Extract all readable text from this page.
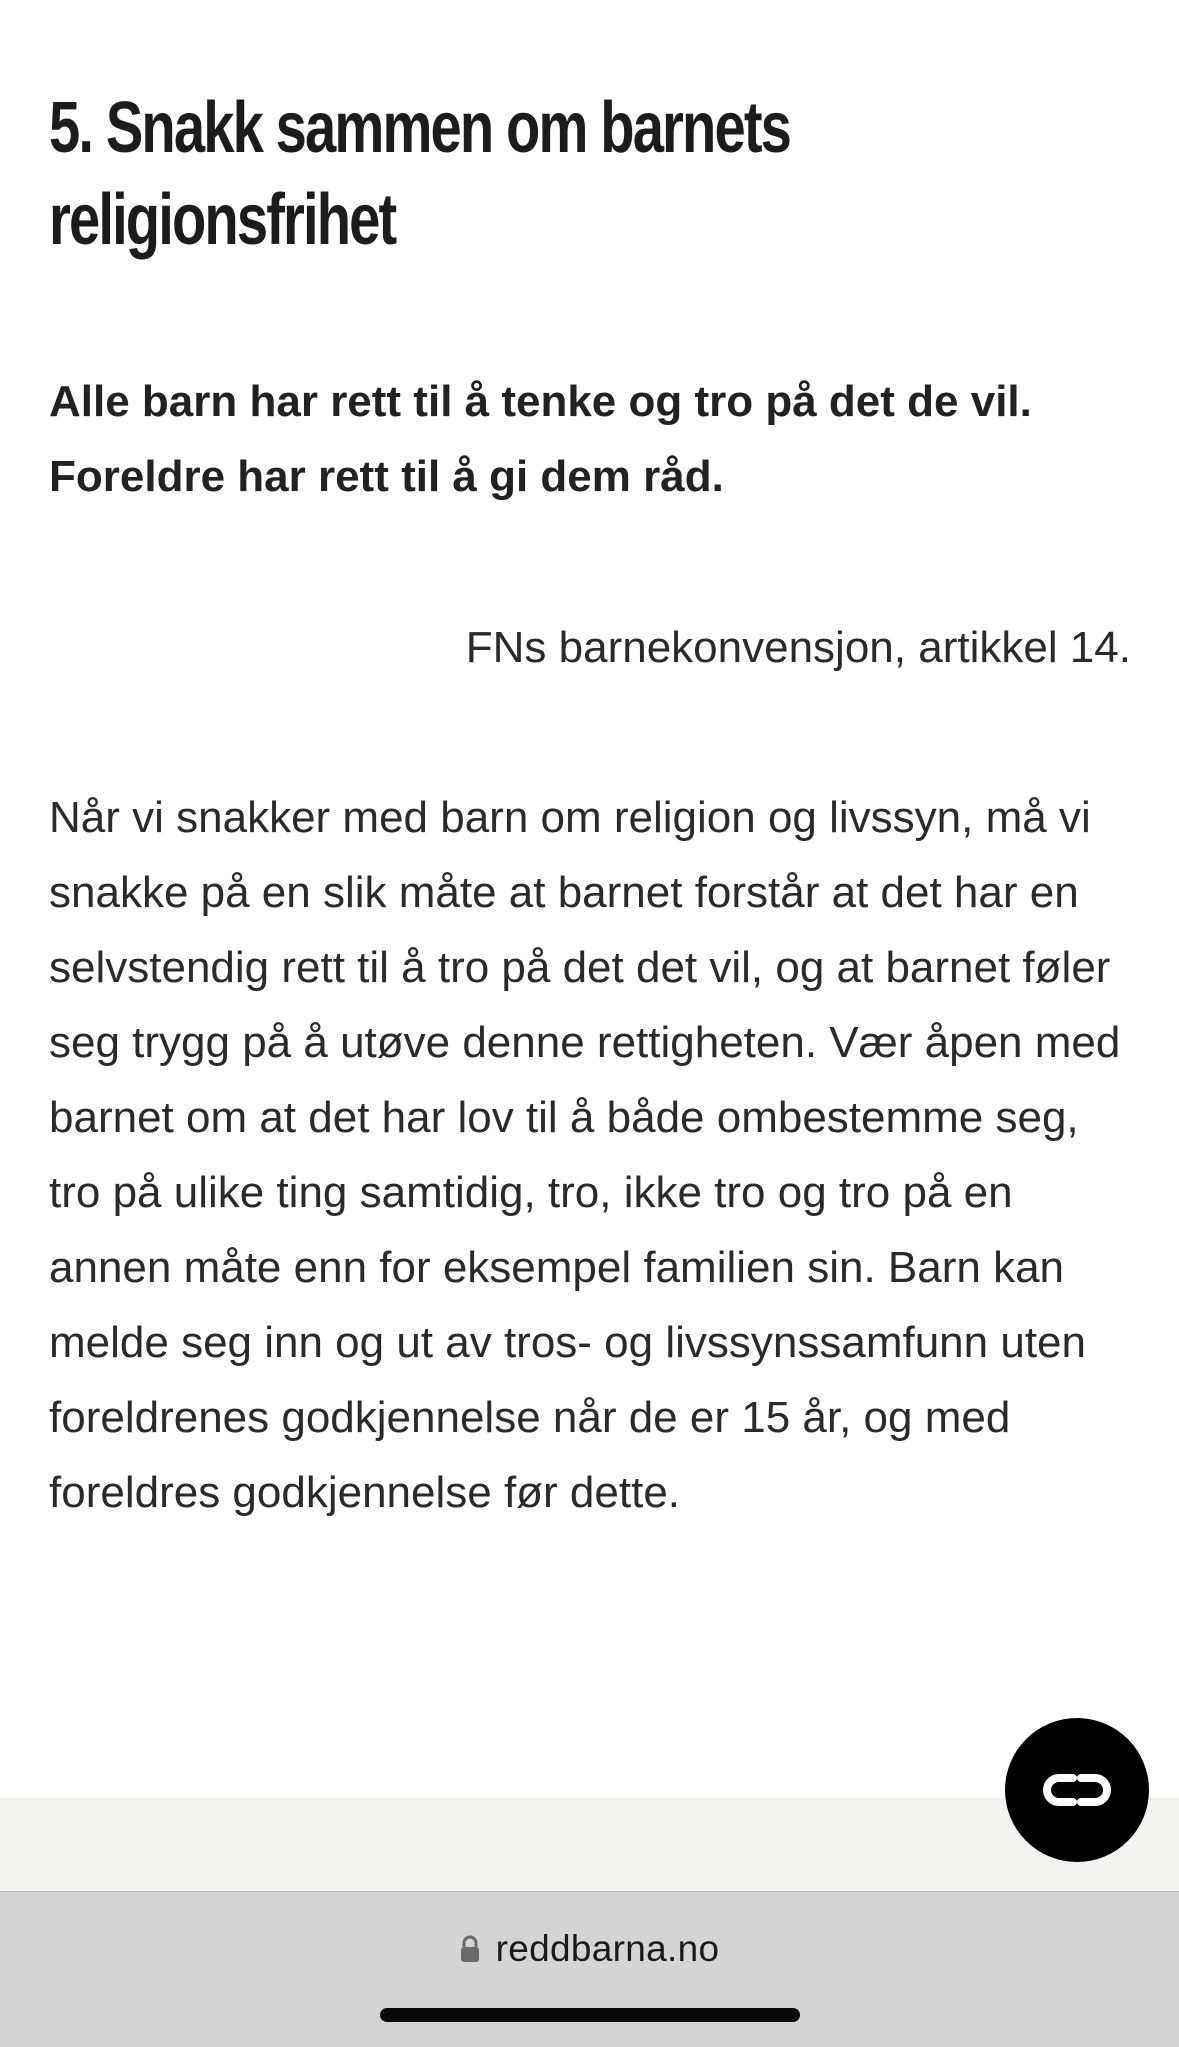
5. Snakk sammen om barnets religionsfrihet

Alle barn har rett til å tenke og tro på det de vil. Foreldre har rett til å gi dem råd.

FNs barnekonvensjon, artikkel 14.

Når vi snakker med barn om religion og livssyn, må vi snakke på en slik måte at barnet forstår at det har en selvstendig rett til å tro på det det vil, og at barnet føler seg trygg på å utøve denne rettigheten. Vær åpen med barnet om at det har lov til å både ombestemme seg, tro på ulike ting samtidig, tro, ikke tro og tro på en annen måte enn for eksempel familien sin. Barn kan melde seg inn og ut av tros- og livssynssamfunn uten foreldrenes godkjennelse når de er 15 år, og med foreldres godkjennelse før dette.

reddbarna.no
